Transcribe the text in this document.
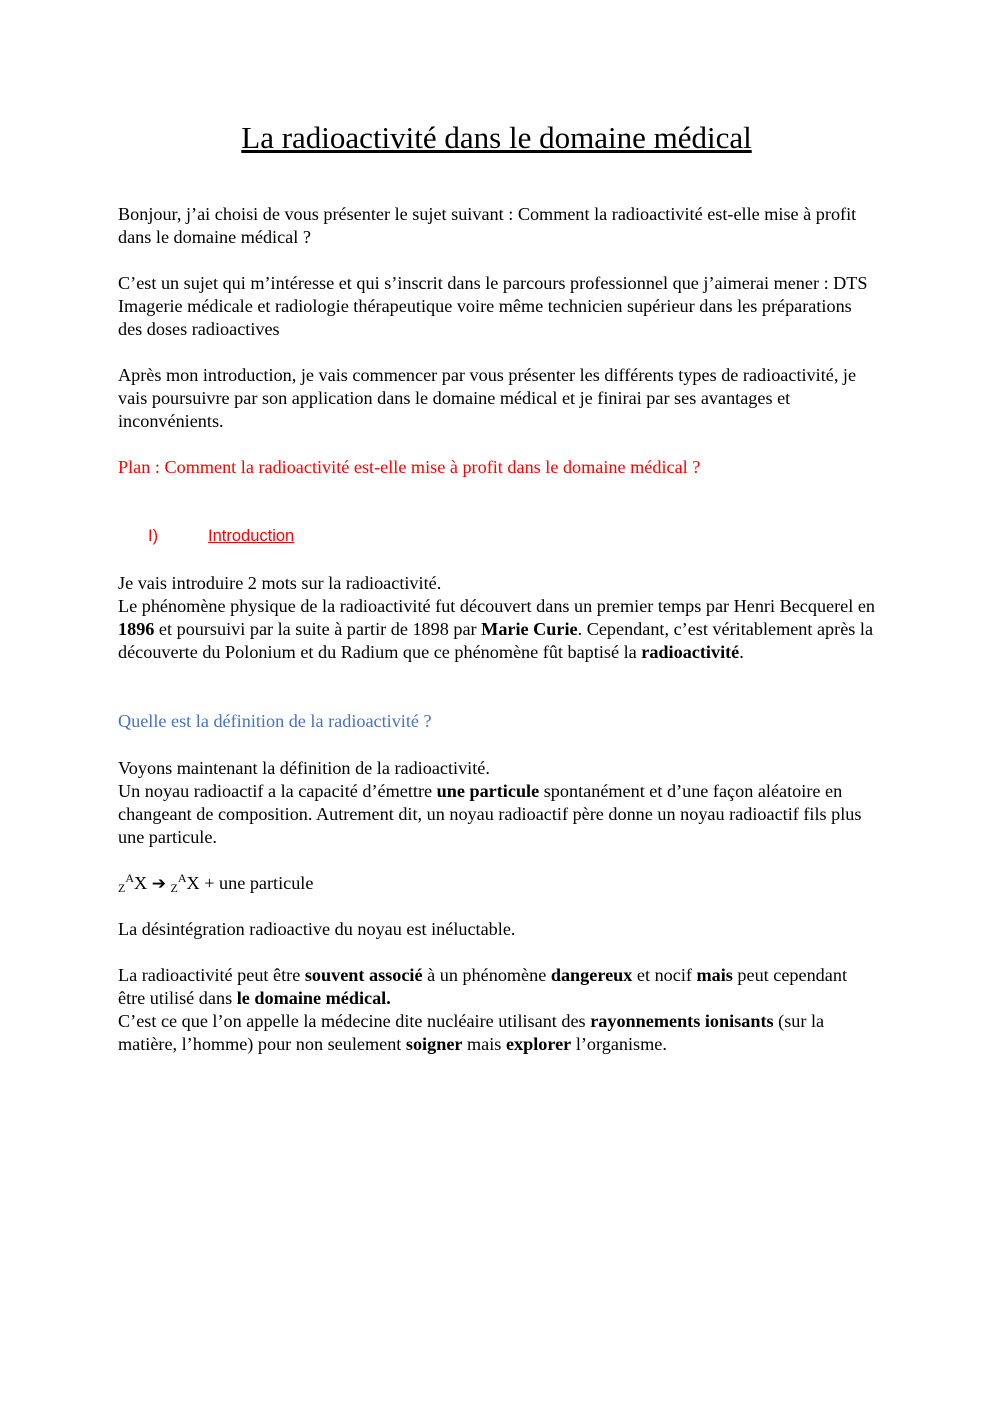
La radioactivité dans le domaine médical

Bonjour, j’ai choisi de vous présenter le sujet suivant : Comment la radioactivité est-elle mise à profit dans le domaine médical ?

C’est un sujet qui m’intéresse et qui s’inscrit dans le parcours professionnel que j’aimerai mener : DTS Imagerie médicale et radiologie thérapeutique voire même technicien supérieur dans les préparations des doses radioactives

Après mon introduction, je vais commencer par vous présenter les différents types de radioactivité, je vais poursuivre par son application dans le domaine médical et je finirai par ses avantages et inconvénients.

Plan : Comment la radioactivité est-elle mise à profit dans le domaine médical ?

I)	Introduction
Je vais introduire 2 mots sur la radioactivité.
Le phénomène physique de la radioactivité fut découvert dans un premier temps par Henri Becquerel en 1896 et poursuivi par la suite à partir de 1898 par Marie Curie. Cependant, c’est véritablement après la découverte du Polonium et du Radium que ce phénomène fût baptisé la radioactivité.

Quelle est la définition de la radioactivité ?

Voyons maintenant la définition de la radioactivité.
Un noyau radioactif a la capacité d’émettre une particule spontanément et d’une façon aléatoire en changeant de composition. Autrement dit, un noyau radioactif père donne un noyau radioactif fils plus une particule.

$_Z^A$X ➔ $_Z^A$X + une particule

La désintégration radioactive du noyau est inéluctable.

La radioactivité peut être souvent associé à un phénomène dangereux et nocif mais peut cependant être utilisé dans le domaine médical.
C’est ce que l’on appelle la médecine dite nucléaire utilisant des rayonnements ionisants (sur la matière, l’homme) pour non seulement soigner mais explorer l’organisme.
